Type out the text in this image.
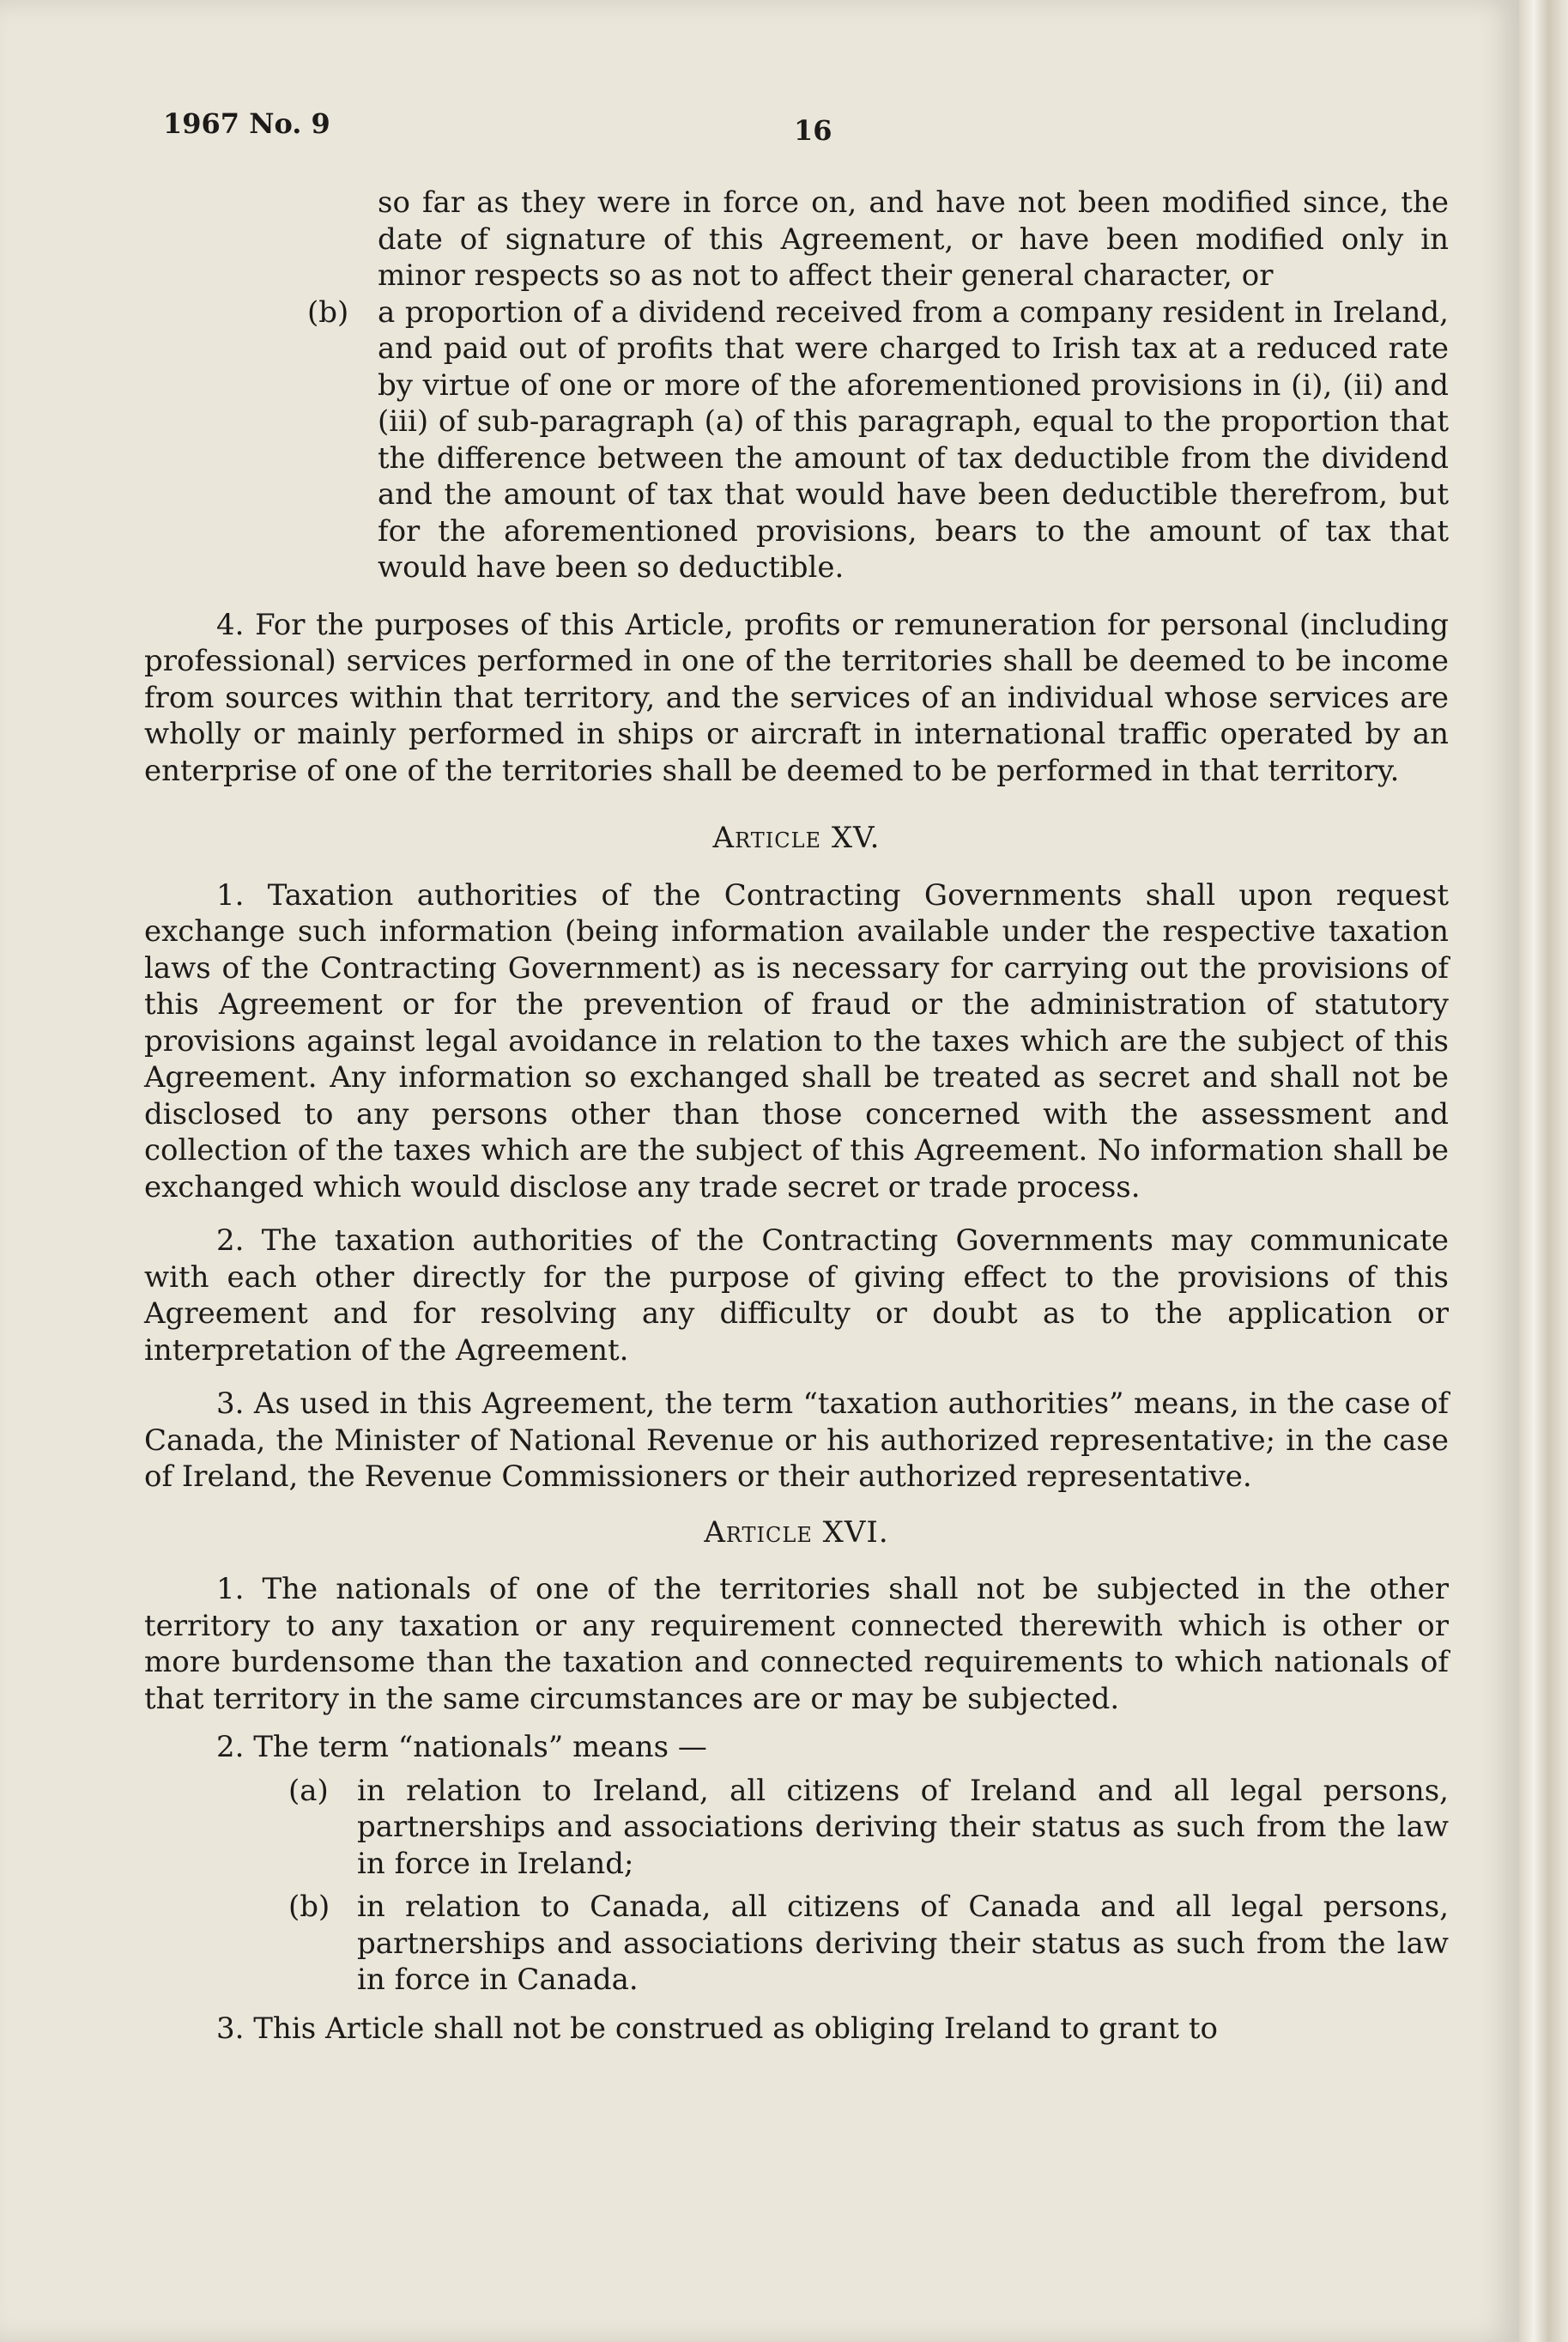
1967 No. 9	16

so far as they were in force on, and have not been modified since, the date of signature of this Agreement, or have been modified only in minor respects so as not to affect their general character, or

(b) a proportion of a dividend received from a company resident in Ireland, and paid out of profits that were charged to Irish tax at a reduced rate by virtue of one or more of the aforementioned provisions in (i), (ii) and (iii) of sub-paragraph (a) of this paragraph, equal to the proportion that the difference between the amount of tax deductible from the dividend and the amount of tax that would have been deductible therefrom, but for the aforementioned provisions, bears to the amount of tax that would have been so deductible.

4. For the purposes of this Article, profits or remuneration for personal (including professional) services performed in one of the territories shall be deemed to be income from sources within that territory, and the services of an individual whose services are wholly or mainly performed in ships or aircraft in international traffic operated by an enterprise of one of the territories shall be deemed to be performed in that territory.

Article XV.

1. Taxation authorities of the Contracting Governments shall upon request exchange such information (being information available under the respective taxation laws of the Contracting Government) as is necessary for carrying out the provisions of this Agreement or for the prevention of fraud or the administration of statutory provisions against legal avoidance in relation to the taxes which are the subject of this Agreement. Any information so exchanged shall be treated as secret and shall not be disclosed to any persons other than those concerned with the assessment and collection of the taxes which are the subject of this Agreement. No information shall be exchanged which would disclose any trade secret or trade process.

2. The taxation authorities of the Contracting Governments may communicate with each other directly for the purpose of giving effect to the provisions of this Agreement and for resolving any difficulty or doubt as to the application or interpretation of the Agreement.

3. As used in this Agreement, the term “taxation authorities” means, in the case of Canada, the Minister of National Revenue or his authorized representative; in the case of Ireland, the Revenue Commissioners or their authorized representative.

Article XVI.

1. The nationals of one of the territories shall not be subjected in the other territory to any taxation or any requirement connected therewith which is other or more burdensome than the taxation and connected requirements to which nationals of that territory in the same circumstances are or may be subjected.

2. The term “nationals” means —

(a) in relation to Ireland, all citizens of Ireland and all legal persons, partnerships and associations deriving their status as such from the law in force in Ireland;
(b) in relation to Canada, all citizens of Canada and all legal persons, partnerships and associations deriving their status as such from the law in force in Canada.

3. This Article shall not be construed as obliging Ireland to grant to
